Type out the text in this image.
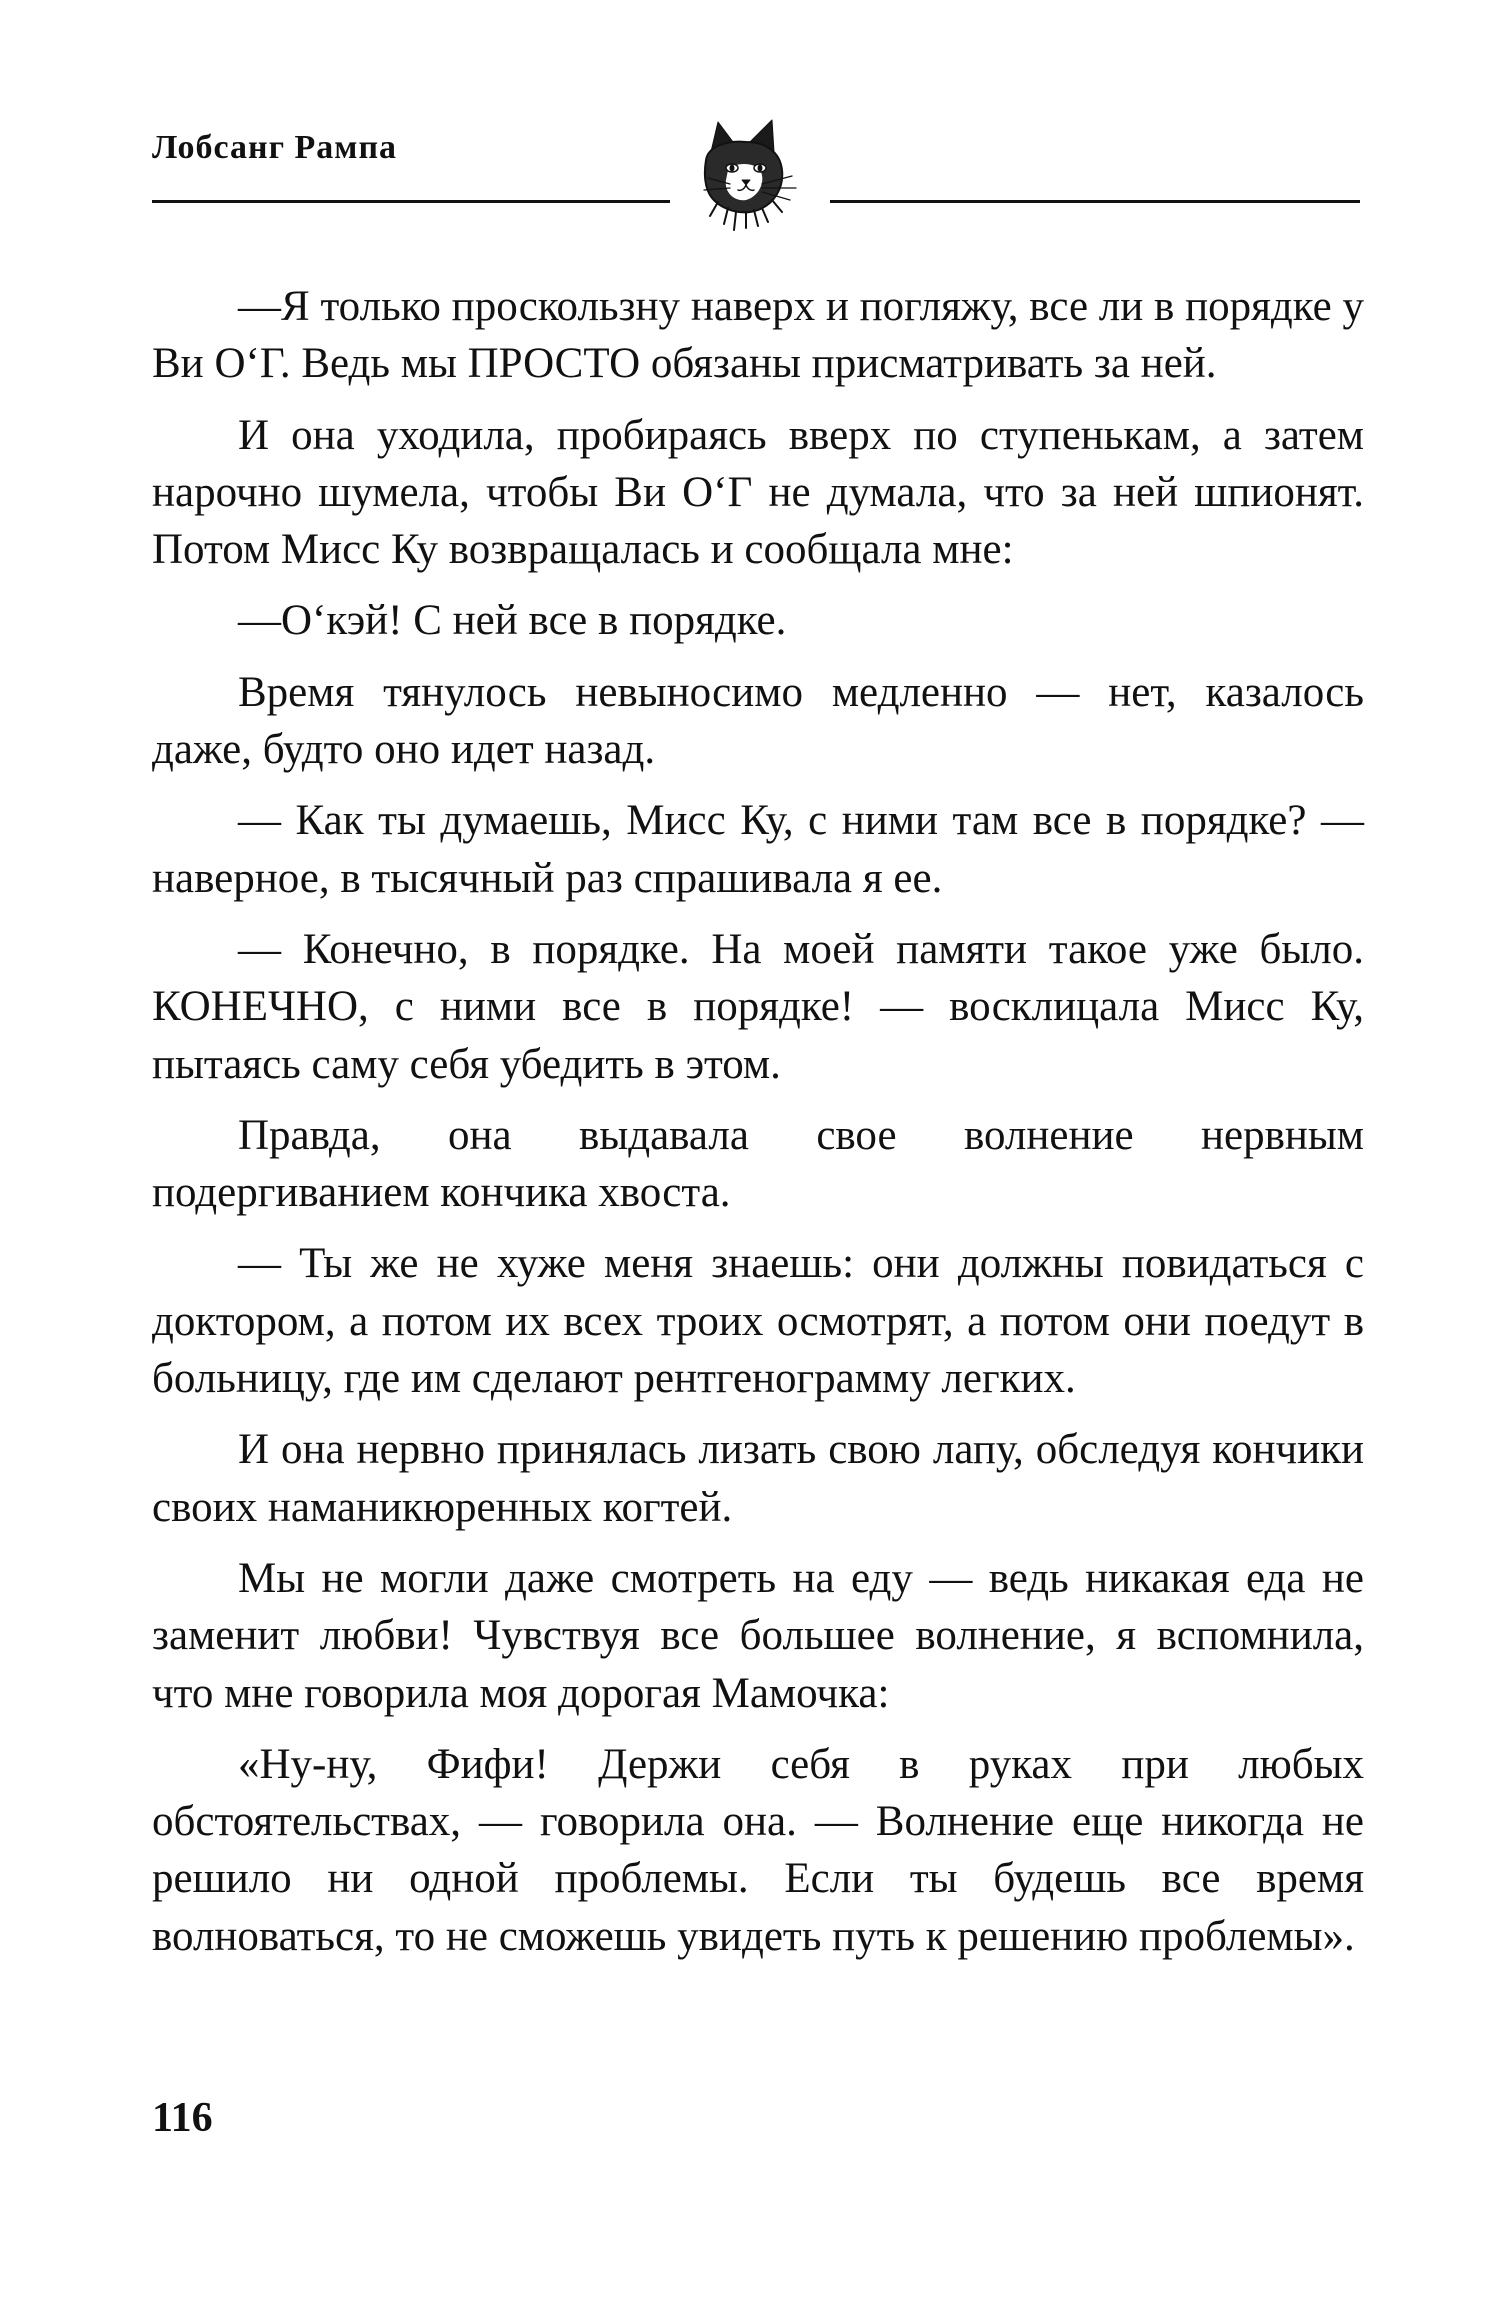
Лобсанг Рампа

—Я только проскользну наверх и погляжу, все ли в порядке у Ви О‘Г. Ведь мы ПРОСТО обязаны присматривать за ней.

И она уходила, пробираясь вверх по ступенькам, а затем нарочно шумела, чтобы Ви О‘Г не думала, что за ней шпионят. Потом Мисс Ку возвращалась и сообщала мне:

—О‘кэй! С ней все в порядке.

Время тянулось невыносимо медленно — нет, казалось даже, будто оно идет назад.

— Как ты думаешь, Мисс Ку, с ними там все в порядке? — наверное, в тысячный раз спрашивала я ее.

— Конечно, в порядке. На моей памяти такое уже было. КОНЕЧНО, с ними все в порядке! — восклицала Мисс Ку, пытаясь саму себя убедить в этом.

Правда, она выдавала свое волнение нервным подергиванием кончика хвоста.

— Ты же не хуже меня знаешь: они должны повидаться с доктором, а потом их всех троих осмотрят, а потом они поедут в больницу, где им сделают рентгенограмму легких.

И она нервно принялась лизать свою лапу, обследуя кончики своих наманикюренных когтей.

Мы не могли даже смотреть на еду — ведь никакая еда не заменит любви! Чувствуя все большее волнение, я вспомнила, что мне говорила моя дорогая Мамочка:

«Ну-ну, Фифи! Держи себя в руках при любых обстоятельствах, — говорила она. — Волнение еще никогда не решило ни одной проблемы. Если ты будешь все время волноваться, то не сможешь увидеть путь к решению проблемы».

116
